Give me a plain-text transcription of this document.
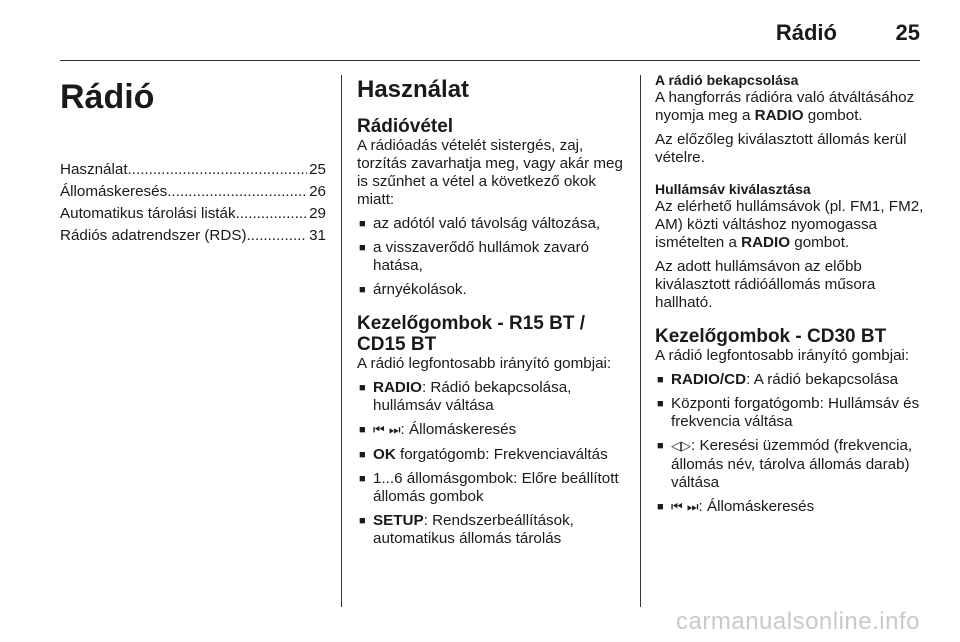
Rádió	25
Rádió
Használat .....	25
Állomáskeresés .....	26
Automatikus tárolási listák .....	29
Rádiós adatrendszer (RDS) .....	31
Használat
Rádióvétel

A rádióadás vételét sistergés, zaj, torzítás zavarhatja meg, vagy akár meg is szűnhet a vétel a következő okok miatt:

■ az adótól való távolság változása,
■ a visszaverődő hullámok zavaró hatása,
■ árnyékolások.
Kezelőgombok - R15 BT / CD15 BT

A rádió legfontosabb irányító gombjai:

■ RADIO: Rádió bekapcsolása, hullámsáv váltása
■ ⏮ ⏭: Állomáskeresés
■ OK forgatógomb: Frekvenciaváltás
■ 1...6 állomásgombok: Előre beállított állomás gombok
■ SETUP: Rendszerbeállítások, automatikus állomás tárolás
A rádió bekapcsolása

A hangforrás rádióra való átváltásához nyomja meg a RADIO gombot.

Az előzőleg kiválasztott állomás kerül vételre.

Hullámsáv kiválasztása

Az elérhető hullámsávok (pl. FM1, FM2, AM) közti váltáshoz nyomogassa ismételten a RADIO gombot.

Az adott hullámsávon az előbb kiválasztott rádióállomás műsora hallható.

Kezelőgombok - CD30 BT

A rádió legfontosabb irányító gombjai:

■ RADIO/CD: A rádió bekapcsolása
■ Központi forgatógomb: Hullámsáv és frekvencia váltása
■ ◁▷: Keresési üzemmód (frekvencia, állomás név, tárolva állomás darab) váltása
■ ⏮ ⏭: Állomáskeresés
carmanualsonline.info
